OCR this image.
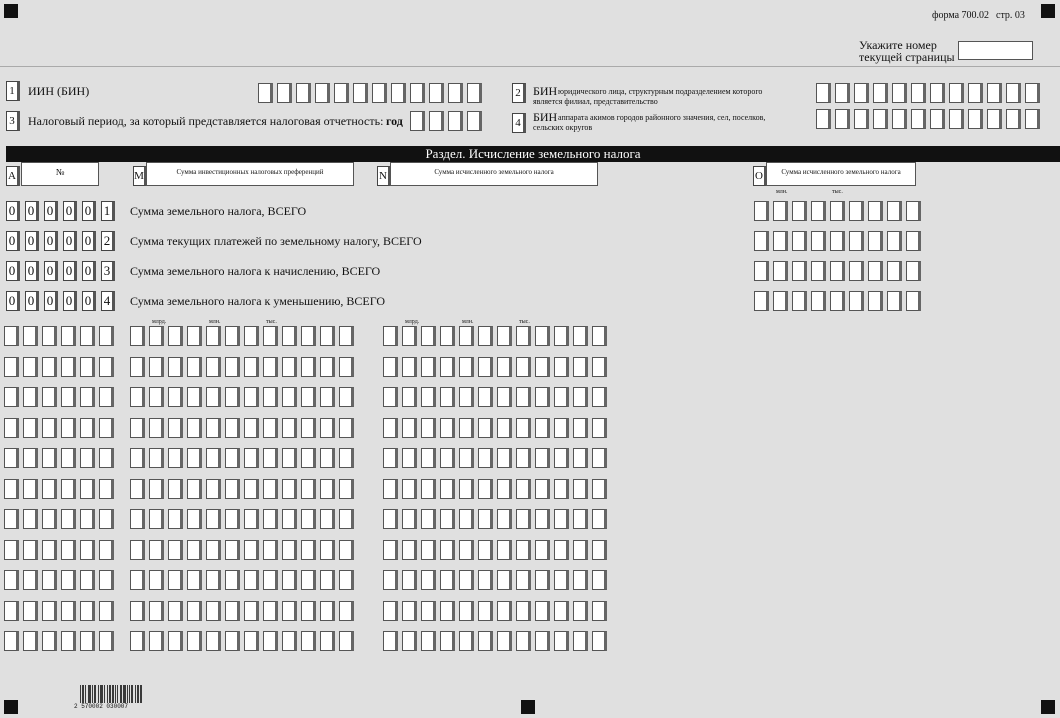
форма 700.02 стр. 03
Укажите номер
текущей страницы
1	ИИН (БИН)
3	Налоговый период, за который представляется налоговая отчетность: год
2	БИН юридического лица, структурным подразделением которого
является филиал, представительство
4	БИН аппарата акимов городов районного значения, сел, поселков,
сельских округов
Раздел. Исчисление земельного налога
A	№	M	Сумма инвестиционных налоговых преференций	N	Сумма исчисленного земельного налога	O	Сумма исчисленного земельного налога
млн.	тыс.
0 0 0 0 0 1	Сумма земельного налога, ВСЕГО
0 0 0 0 0 2	Сумма текущих платежей по земельному налогу, ВСЕГО
0 0 0 0 0 3	Сумма земельного налога к начислению, ВСЕГО
0 0 0 0 0 4	Сумма земельного налога к уменьшению, ВСЕГО
млрд.	млн.	тыс.	млрд.	млн.	тыс.
2 570002 030007
